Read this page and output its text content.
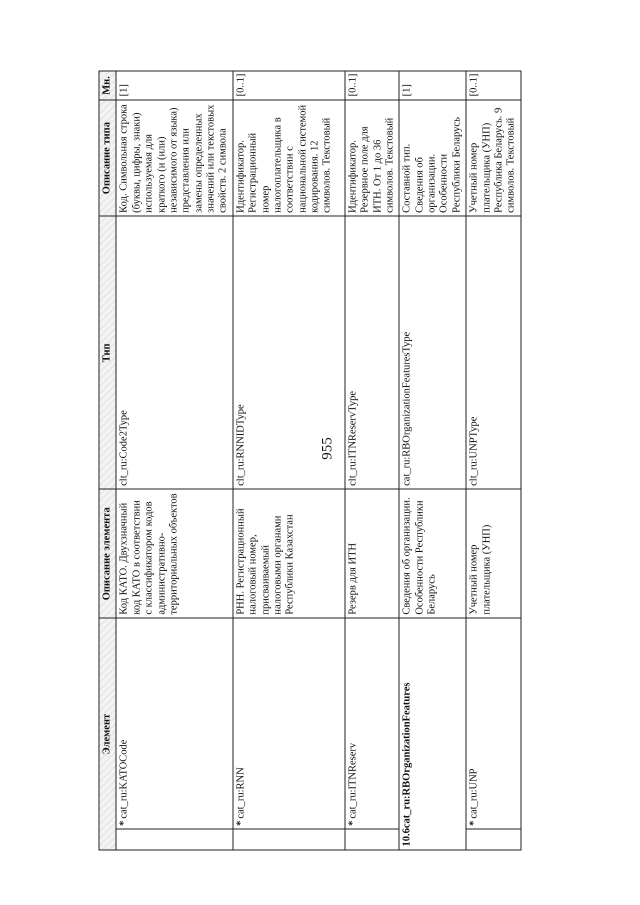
955
Элемент		Описание элемента	Тип	Описание типа	Мн.
	*cat_ru:KATOCode	Код КАТО. Двухзначный код КАТО в соответствии с классификатором кодов административно-территориальных объектов	clt_ru:Code2Type	Код. Символьная строка (буквы, цифры, знаки) используемая для краткого (и (или) независимого от языка) представления или замены определенных значений или текстовых свойств. 2 символа	[1]
	*cat_ru:RNN	РНН. Регистрационный налоговый номер, присваиваемый налоговыми органами Республики Казахстан	clt_ru:RNNIDType	Идентификатор. Регистрационный номер налогоплательщика в соответствии с национальной системой кодирования. 12 символов. Текстовый	[0..1]
	*cat_ru:ITNReserv	Резерв для ИТН	clt_ru:ITNReservType	Идентификатор. Резервное поле для ИТН. От 1 до 36 символов. Текстовый	[0..1]
10.6cat_ru:RBOrganizationFeatures		Сведения об организации. Особенности Республики Беларусь	cat_ru:RBOrganizationFeaturesType	Составной тип. Сведения об организации. Особенности Республики Беларусь	[1]
	*cat_ru:UNP	Учетный номер плательщика (УНП)	clt_ru:UNPType	Учетный номер плательщика (УНП) Республика Беларусь. 9 символов. Текстовый	[0..1]
